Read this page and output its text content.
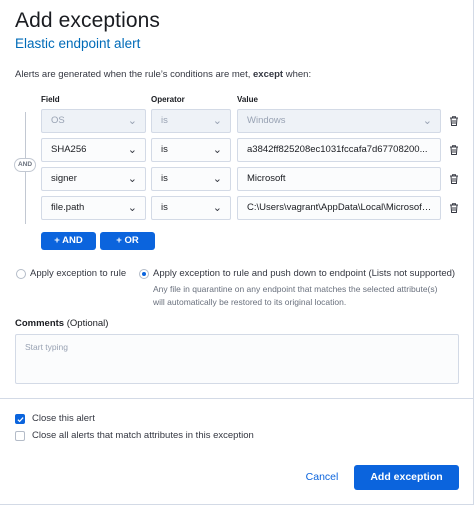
Add exceptions
Elastic endpoint alert
Alerts are generated when the rule’s conditions are met, except when:
Field	Operator	Value
AND
OS	⌄	is	⌄	Windows	⌄
SHA256	⌄	is	⌄	a3842ff825208ec1031fccafa7d67708200...
signer	⌄	is	⌄	Microsoft
file.path	⌄	is	⌄	C:\Users\vagrant\AppData\Local\Microsoft...
+ AND	+ OR
Apply exception to rule	Apply exception to rule and push down to endpoint (Lists not supported)
Any file in quarantine on any endpoint that matches the selected attribute(s) will automatically be restored to its original location.
Comments (Optional)
Start typing
Close this alert
Close all alerts that match attributes in this exception
Cancel	Add exception
